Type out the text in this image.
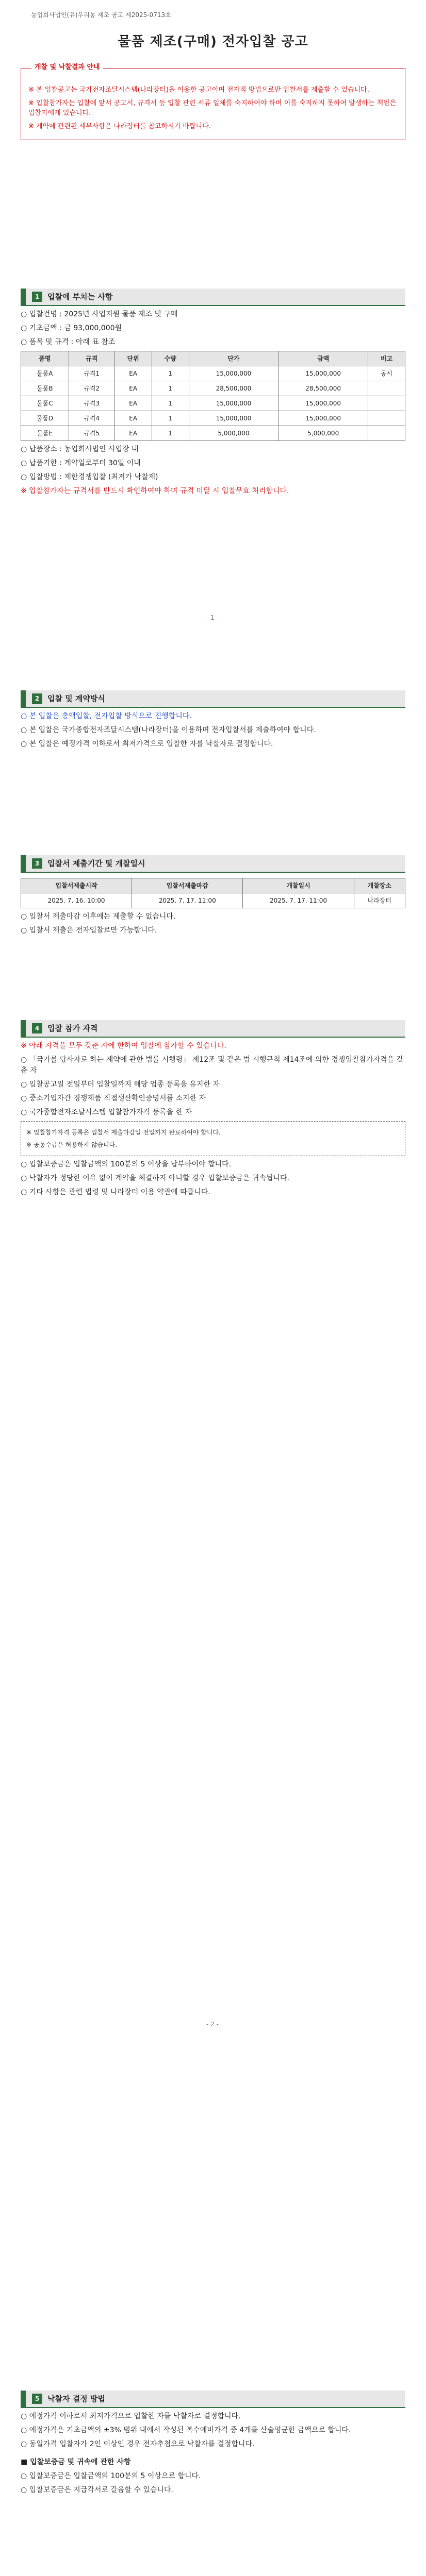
농업회사법인(유)우리농 제조 공고 제2025-0713호
물품 제조(구매) 전자입찰 공고
개찰 및 낙찰결과 안내

※ 본 입찰공고는 국가전자조달시스템(나라장터)을 이용한 공고이며 전자적 방법으로만 입찰서를 제출할 수 있습니다.

※ 입찰참가자는 입찰에 앞서 공고서, 규격서 등 입찰 관련 서류 일체를 숙지하여야 하며 이를 숙지하지 못하여 발생하는 책임은 입찰자에게 있습니다.

※ 계약에 관련된 세부사항은 나라장터를 참고하시기 바랍니다.

1	입찰에 부치는 사항

○ 입찰건명 : 2025년 사업지원 물품 제조 및 구매

○ 기초금액 : 금 93,000,000원

○ 품목 및 규격 : 아래 표 참조

품명	규격	단위	수량	단가	금액	비고
물품A	규격1	EA	1	15,000,000	15,000,000	공시
물품B	규격2	EA	1	28,500,000	28,500,000	
물품C	규격3	EA	1	15,000,000	15,000,000	
물품D	규격4	EA	1	15,000,000	15,000,000	
물품E	규격5	EA	1	5,000,000	5,000,000	

○ 납품장소 : 농업회사법인 사업장 내

○ 납품기한 : 계약일로부터 30일 이내

○ 입찰방법 : 제한경쟁입찰 (최저가 낙찰제)

※ 입찰참가자는 규격서를 반드시 확인하여야 하며 규격 미달 시 입찰무효 처리합니다.

- 1 -
2	입찰 및 계약방식

○ 본 입찰은 총액입찰, 전자입찰 방식으로 진행합니다.

○ 본 입찰은 국가종합전자조달시스템(나라장터)을 이용하며 전자입찰서를 제출하여야 합니다.

○ 본 입찰은 예정가격 이하로서 최저가격으로 입찰한 자를 낙찰자로 결정합니다.

3	입찰서 제출기간 및 개찰일시
입찰서제출시작	입찰서제출마감	개찰일시	개찰장소
2025. 7. 16. 10:00	2025. 7. 17. 11:00	2025. 7. 17. 11:00	나라장터

○ 입찰서 제출마감 이후에는 제출할 수 없습니다.

○ 입찰서 제출은 전자입찰로만 가능합니다.

4	입찰 참가 자격

※ 아래 자격을 모두 갖춘 자에 한하여 입찰에 참가할 수 있습니다.

○ 「국가를 당사자로 하는 계약에 관한 법률 시행령」 제12조 및 같은 법 시행규칙 제14조에 의한 경쟁입찰참가자격을 갖춘 자

○ 입찰공고일 전일부터 입찰일까지 해당 업종 등록을 유지한 자

○ 중소기업자간 경쟁제품 직접생산확인증명서를 소지한 자

○ 국가종합전자조달시스템 입찰참가자격 등록을 한 자

※ 입찰참가자격 등록은 입찰서 제출마감일 전일까지 완료하여야 합니다.

※ 공동수급은 허용하지 않습니다.

○ 입찰보증금은 입찰금액의 100분의 5 이상을 납부하여야 합니다.

○ 낙찰자가 정당한 이유 없이 계약을 체결하지 아니할 경우 입찰보증금은 귀속됩니다.

○ 기타 사항은 관련 법령 및 나라장터 이용 약관에 따릅니다.

- 2 -
5	낙찰자 결정 방법

○ 예정가격 이하로서 최저가격으로 입찰한 자를 낙찰자로 결정합니다.

○ 예정가격은 기초금액의 ±3% 범위 내에서 작성된 복수예비가격 중 4개를 산술평균한 금액으로 합니다.

○ 동일가격 입찰자가 2인 이상인 경우 전자추첨으로 낙찰자를 결정합니다.

■ 입찰보증금 및 귀속에 관한 사항

○ 입찰보증금은 입찰금액의 100분의 5 이상으로 합니다.

○ 입찰보증금은 지급각서로 갈음할 수 있습니다.
